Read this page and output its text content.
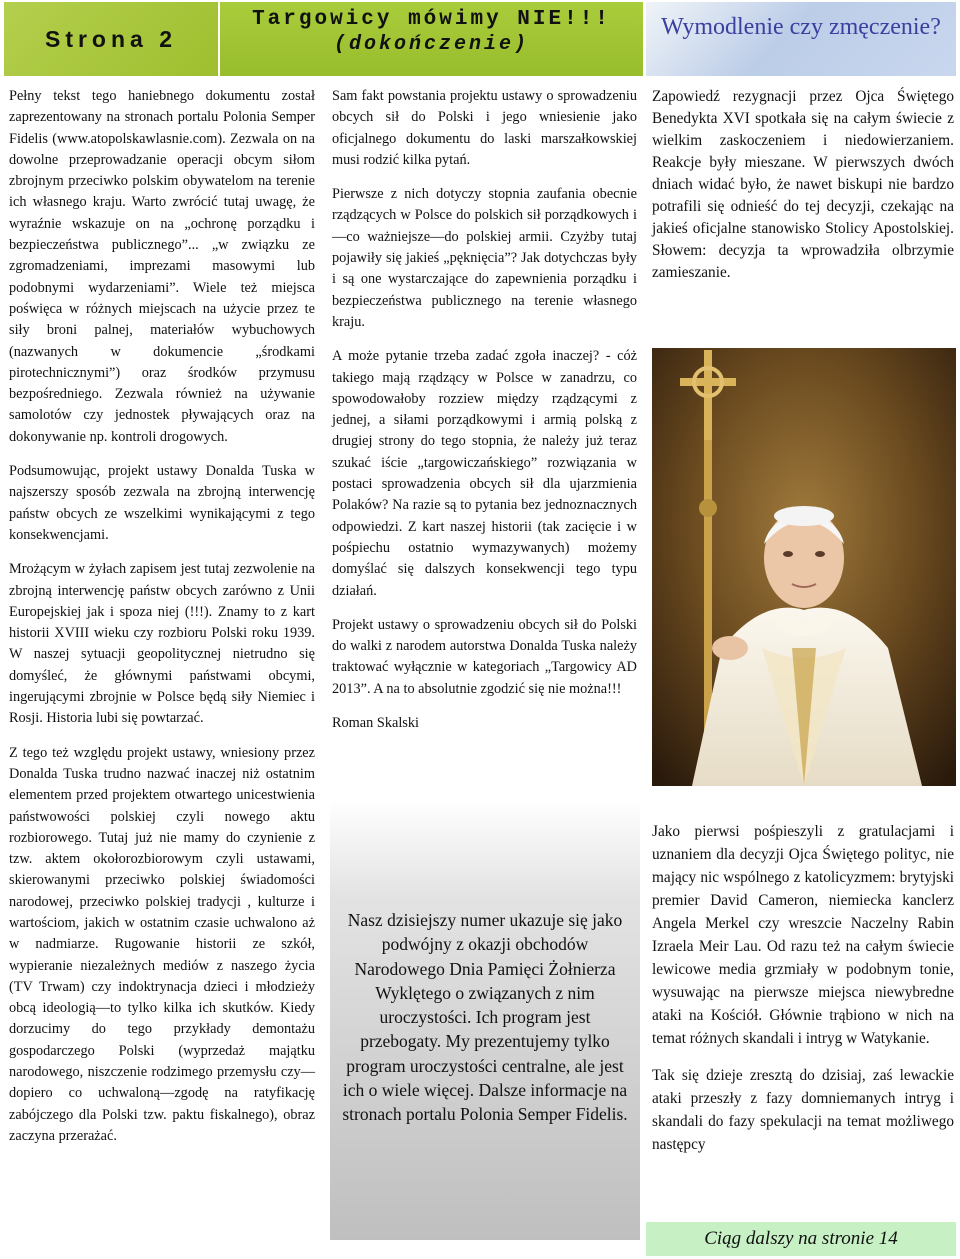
Strona 2
Targowicy mówimy NIE!!!
(dokończenie)
Wymodlenie czy zmęczenie?

Pełny tekst tego haniebnego dokumentu został zaprezentowany na stronach portalu Polonia Semper Fidelis (www.atopolskawlasnie.com). Zezwala on na dowolne przeprowadzanie operacji obcym siłom zbrojnym przeciwko polskim obywatelom na terenie ich własnego kraju. Warto zwrócić tutaj uwagę, że wyraźnie wskazuje on na „ochronę porządku i bezpieczeństwa publicznego”... „w związku ze zgromadzeniami, imprezami masowymi lub podobnymi wydarzeniami”. Wiele też miejsca poświęca w różnych miejscach na użycie przez te siły broni palnej, materiałów wybuchowych (nazwanych w dokumencie „środkami pirotechnicznymi”) oraz środków przymusu bezpośredniego. Zezwala również na używanie samolotów czy jednostek pływających oraz na dokonywanie np. kontroli drogowych.

Podsumowując, projekt ustawy Donalda Tuska w najszerszy sposób zezwala na zbrojną interwencję państw obcych ze wszelkimi wynikającymi z tego konsekwencjami.

Mrożącym w żyłach zapisem jest tutaj zezwolenie na zbrojną interwencję państw obcych zarówno z Unii Europejskiej jak i spoza niej (!!!). Znamy to z kart historii XVIII wieku czy rozbioru Polski roku 1939. W naszej sytuacji geopolitycznej nietrudno się domyśleć, że głównymi państwami obcymi, ingerującymi zbrojnie w Polsce będą siły Niemiec i Rosji. Historia lubi się powtarzać.

Z tego też względu projekt ustawy, wniesiony przez Donalda Tuska trudno nazwać inaczej niż ostatnim elementem przed projektem otwartego unicestwienia państwowości polskiej czyli nowego aktu rozbiorowego. Tutaj już nie mamy do czynienie z tzw. aktem okołorozbiorowym czyli ustawami, skierowanymi przeciwko polskiej świadomości narodowej, przeciwko polskiej tradycji , kulturze i wartościom, jakich w ostatnim czasie uchwalono aż w nadmiarze. Rugowanie historii ze szkół, wypieranie niezależnych mediów z naszego życia (TV Trwam) czy indoktrynacja dzieci i młodzieży obcą ideologią—to tylko kilka ich skutków. Kiedy dorzucimy do tego przykłady demontażu gospodarczego Polski (wyprzedaż majątku narodowego, niszczenie rodzimego przemysłu czy—dopiero co uchwaloną—zgodę na ratyfikację zabójczego dla Polski tzw. paktu fiskalnego), obraz zaczyna przerażać.

Sam fakt powstania projektu ustawy o sprowadzeniu obcych sił do Polski i jego wniesienie jako oficjalnego dokumentu do laski marszałkowskiej musi rodzić kilka pytań.

Pierwsze z nich dotyczy stopnia zaufania obecnie rządzących w Polsce do polskich sił porządkowych i—co ważniejsze—do polskiej armii. Czyżby tutaj pojawiły się jakieś „pęknięcia”? Jak dotychczas były i są one wystarczające do zapewnienia porządku i bezpieczeństwa publicznego na terenie własnego kraju.

A może pytanie trzeba zadać zgoła inaczej? - cóż takiego mają rządzący w Polsce w zanadrzu, co spowodowałoby rozziew między rządzącymi z jednej, a siłami porządkowymi i armią polską z drugiej strony do tego stopnia, że należy już teraz szukać iście „targowiczańskiego” rozwiązania w postaci sprowadzenia obcych sił dla ujarzmienia Polaków? Na razie są to pytania bez jednoznacznych odpowiedzi. Z kart naszej historii (tak zacięcie i w pośpiechu ostatnio wymazywanych) możemy domyślać się dalszych konsekwencji tego typu działań.

Projekt ustawy o sprowadzeniu obcych sił do Polski do walki z narodem autorstwa Donalda Tuska należy traktować wyłącznie w kategoriach „Targowicy AD 2013”. A na to absolutnie zgodzić się nie można!!!

Roman Skalski
Nasz dzisiejszy numer ukazuje się jako podwójny z okazji obchodów Narodowego Dnia Pamięci Żołnierza Wyklętego o związanych z nim uroczystości. Ich program jest przebogaty. My prezentujemy tylko program uroczystości centralne, ale jest ich o wiele więcej. Dalsze informacje na stronach portalu Polonia Semper Fidelis.

Zapowiedź rezygnacji przez Ojca Świętego Benedykta XVI spotkała się na całym świecie z wielkim zaskoczeniem i niedowierzaniem. Reakcje były mieszane. W pierwszych dwóch dniach widać było, że nawet biskupi nie bardzo potrafili się odnieść do tej decyzji, czekając na jakieś oficjalne stanowisko Stolicy Apostolskiej. Słowem: decyzja ta wprowadziła olbrzymie zamieszanie.

Jako pierwsi pośpieszyli z gratulacjami i uznaniem dla decyzji Ojca Świętego polityc, nie mający nic wspólnego z katolicyzmem: brytyjski premier David Cameron, niemiecka kanclerz Angela Merkel czy wreszcie Naczelny Rabin Izraela Meir Lau. Od razu też na całym świecie lewicowe media grzmiały w podobnym tonie, wysuwając na pierwsze miejsca niewybredne ataki na Kościół. Głównie trąbiono w nich na temat różnych skandali i intryg w Watykanie.

Tak się dzieje zresztą do dzisiaj, zaś lewackie ataki przeszły z fazy domniemanych intryg i skandali do fazy spekulacji na temat możliwego następcy

Ciąg dalszy na stronie 14
